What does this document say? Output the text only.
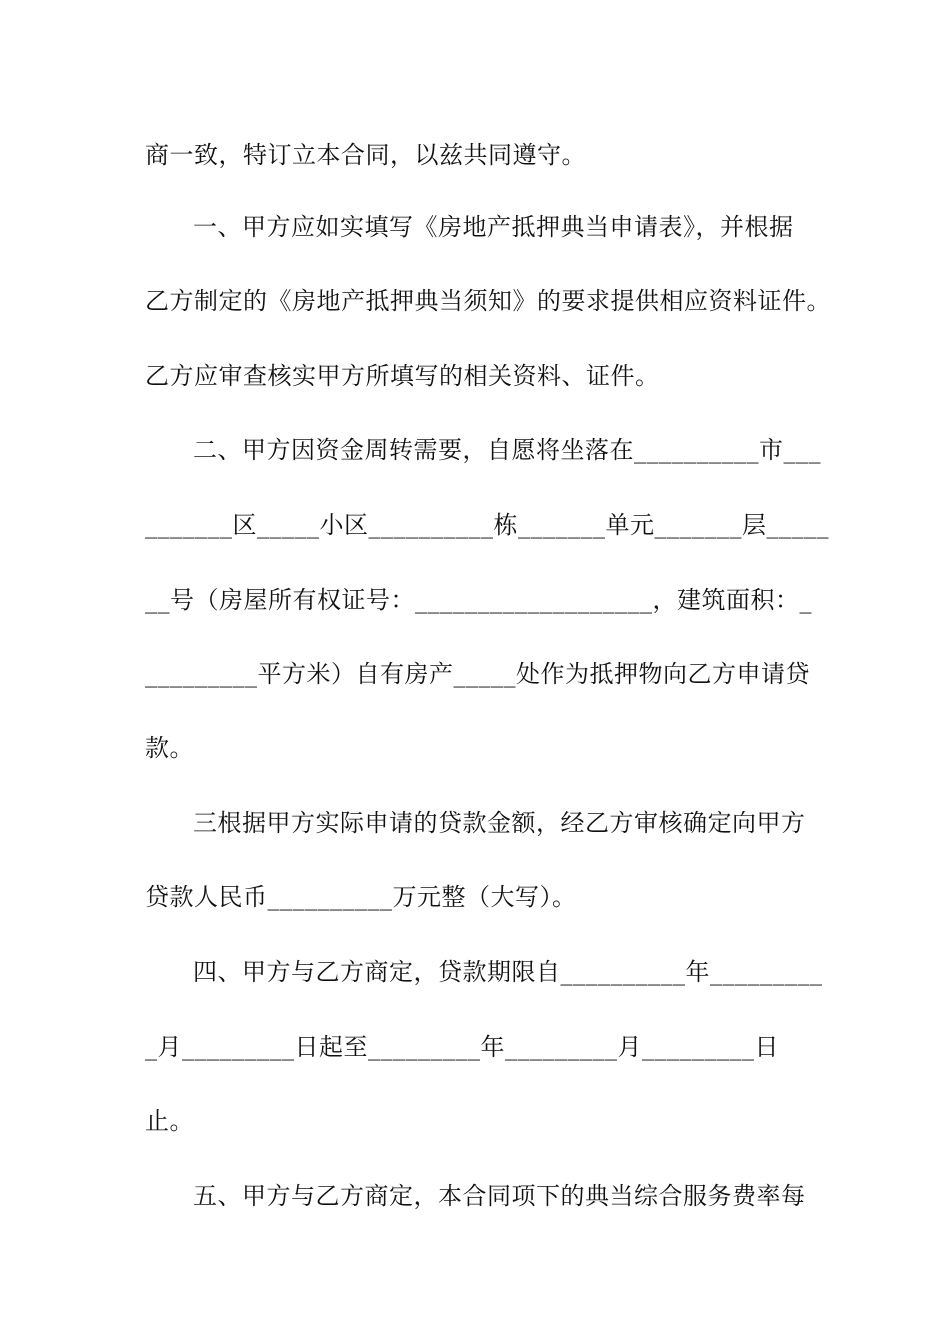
商一致，特订立本合同，以兹共同遵守。
一、甲方应如实填写《房地产抵押典当申请表》，并根据
乙方制定的《房地产抵押典当须知》的要求提供相应资料证件。
乙方应审查核实甲方所填写的相关资料、证件。
二、甲方因资金周转需要，自愿将坐落在__________市___
_______区_____小区__________栋_______单元_______层_____
__号（房屋所有权证号：___________________，建筑面积：_
_________平方米）自有房产_____处作为抵押物向乙方申请贷
款。
三根据甲方实际申请的贷款金额，经乙方审核确定向甲方
贷款人民币__________万元整（大写）。
四、甲方与乙方商定，贷款期限自__________年_________
_月_________日起至_________年_________月_________日
止。
五、甲方与乙方商定，本合同项下的典当综合服务费率每
